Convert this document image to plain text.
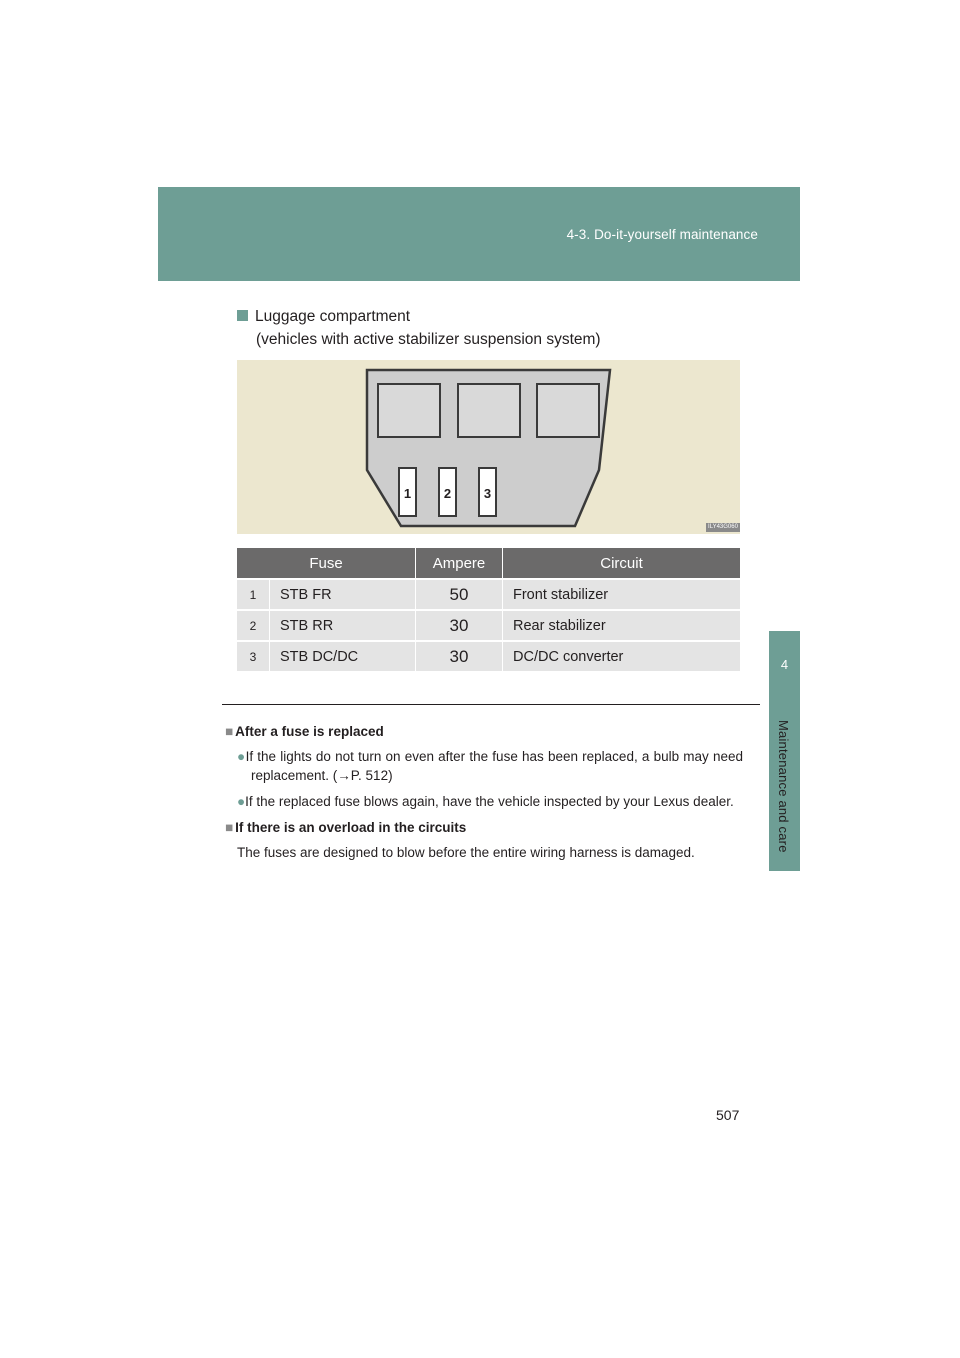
4-3. Do-it-yourself maintenance
4
Maintenance and care
Luggage compartment
(vehicles with active stabilizer suspension system)
1	2	3
ILY43G060
Fuse		Ampere	Circuit
1	STB FR	50	Front stabilizer
2	STB RR	30	Rear stabilizer
3	STB DC/DC	30	DC/DC converter

■ After a fuse is replaced

●If the lights do not turn on even after the fuse has been replaced, a bulb may need replacement. (→P. 512)

●If the replaced fuse blows again, have the vehicle inspected by your Lexus dealer.

■ If there is an overload in the circuits

The fuses are designed to blow before the entire wiring harness is damaged.

507
